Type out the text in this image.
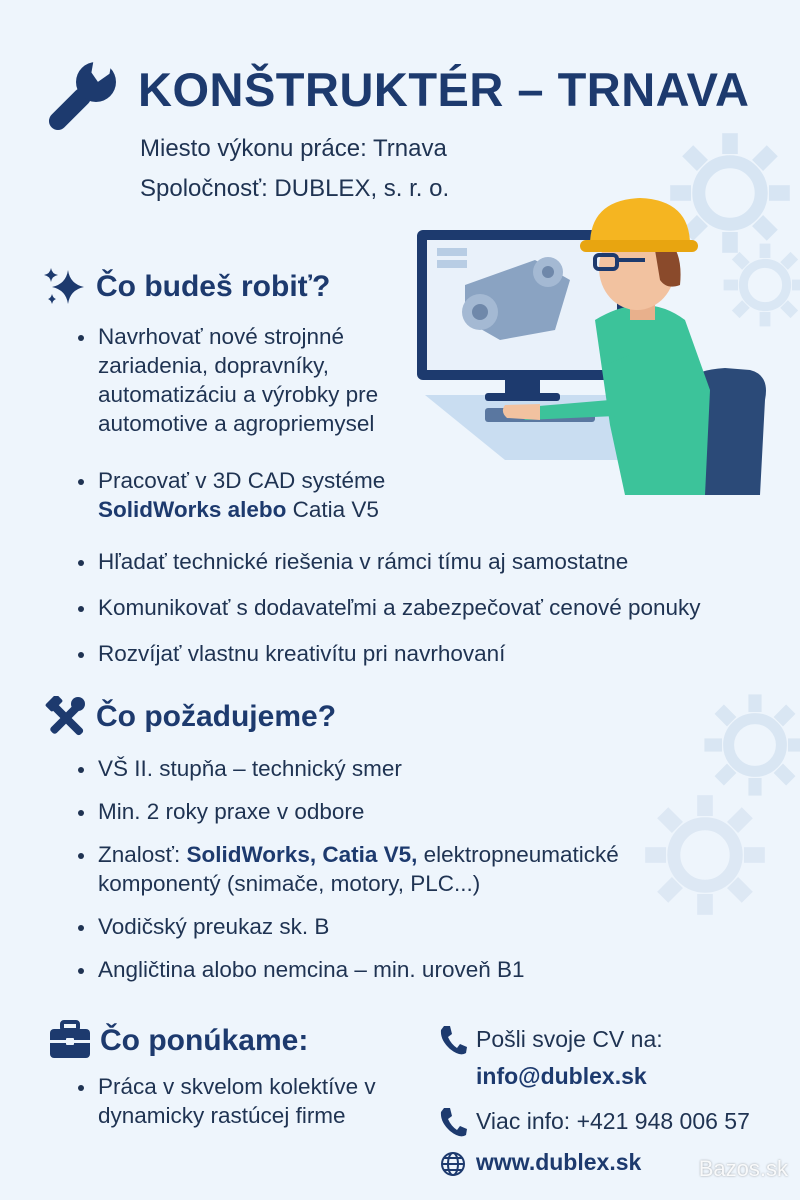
KONŠTRUKTÉR – TRNAVA
Miesto výkonu práce: Trnava
Spoločnosť: DUBLEX, s. r. o.
Čo budeš robiť?
Navrhovať nové strojnné zariadenia, dopravníky, automatizáciu a výrobky pre automotive a agropriemysel
Pracovať v 3D CAD systéme
SolidWorks alebo Catia V5
Hľadať technické riešenia v rámci tímu aj samostatne
Komunikovať s dodavateľmi a zabezpečovať cenové ponuky
Rozvíjať vlastnu kreativítu pri navrhovaní
Čo požadujeme?
VŠ II. stupňa – technický smer
Min. 2 roky praxe v odbore
Znalosť: SolidWorks, Catia V5, elektropneumatické komponentý (snimače, motory, PLC...)
Vodičský preukaz sk. B
Angličtina alobo nemcina – min. uroveň B1
Čo ponúkame:
Práca v skvelom kolektíve v dynamicky rastúcej firme
Pošli svoje CV na:
info@dublex.sk
Viac info: +421 948 006 57
www.dublex.sk	Bazos.sk
